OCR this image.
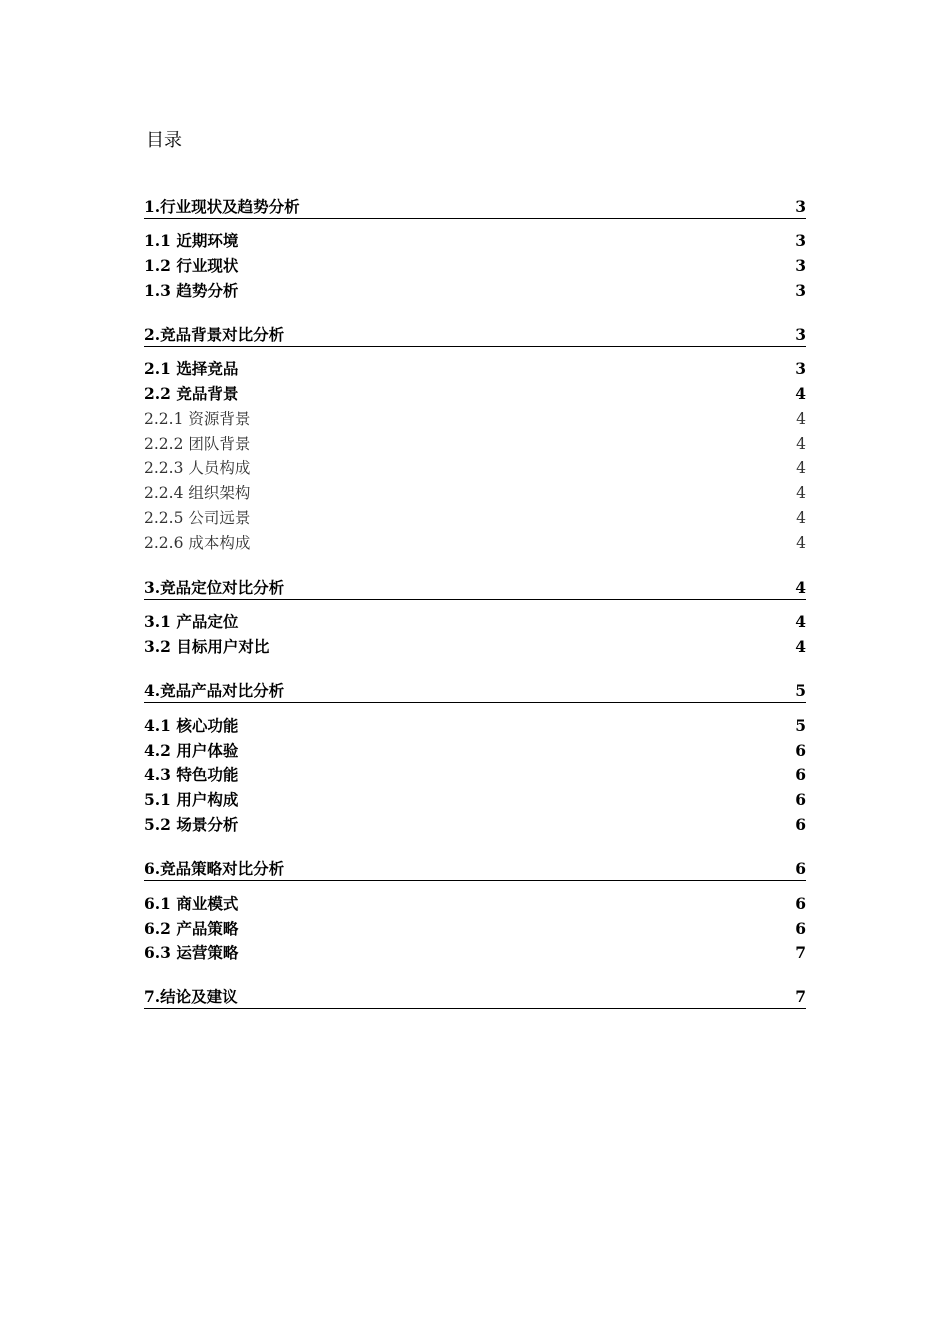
目录
1.行业现状及趋势分析	3
1.1 近期环境	3
1.2 行业现状	3
1.3 趋势分析	3
2.竞品背景对比分析	3
2.1 选择竞品	3
2.2 竞品背景	4
2.2.1 资源背景	4
2.2.2 团队背景	4
2.2.3 人员构成	4
2.2.4 组织架构	4
2.2.5 公司远景	4
2.2.6 成本构成	4
3.竞品定位对比分析	4
3.1 产品定位	4
3.2 目标用户对比	4
4.竞品产品对比分析	5
4.1 核心功能	5
4.2 用户体验	6
4.3 特色功能	6
5.1 用户构成	6
5.2 场景分析	6
6.竞品策略对比分析	6
6.1 商业模式	6
6.2 产品策略	6
6.3 运营策略	7
7.结论及建议	7
